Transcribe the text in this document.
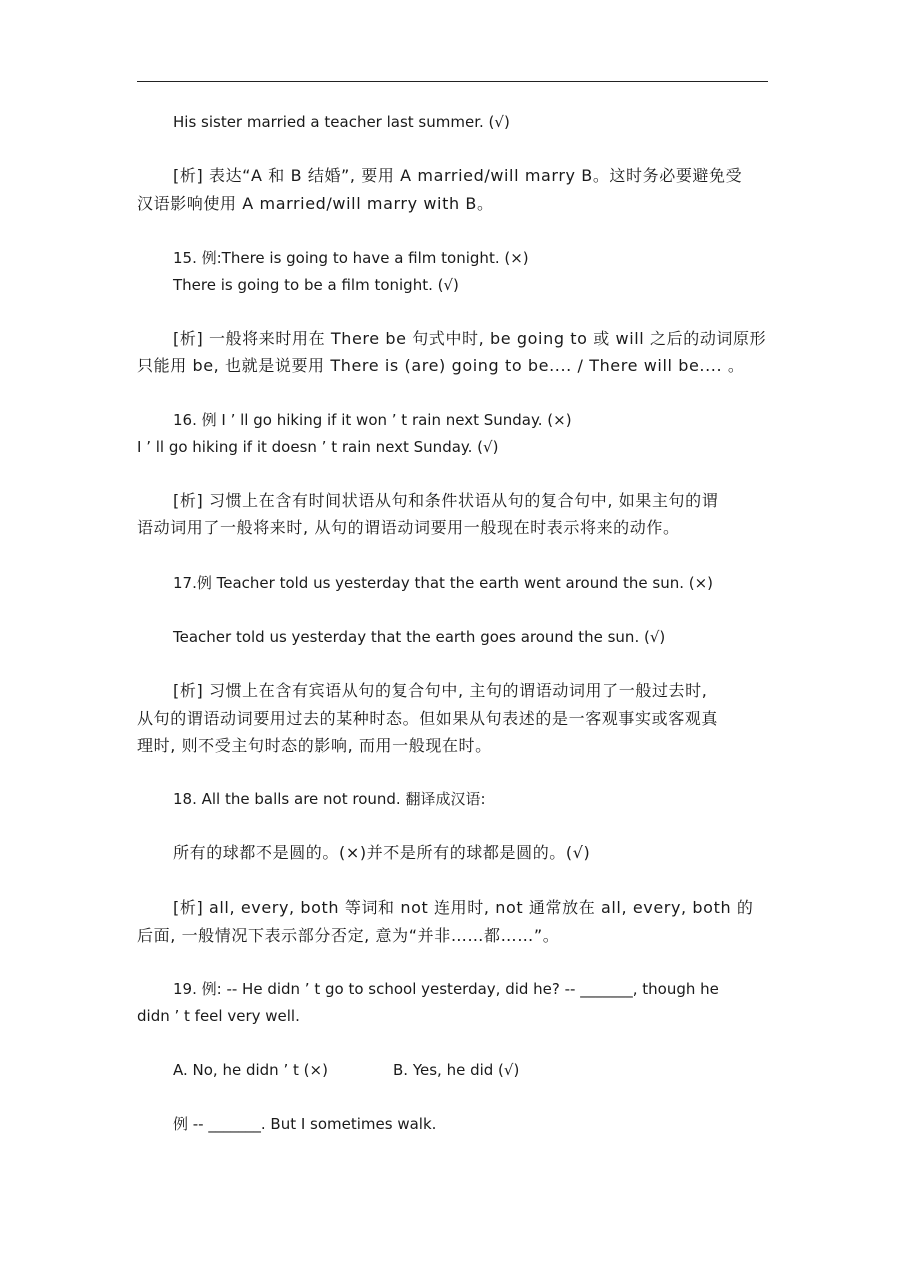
His sister married a teacher last summer. (√)
[析] 表达“A 和 B 结婚”, 要用 A married/will marry B。这时务必要避免受
汉语影响使用 A married/will marry with B。
15. 例:There is going to have a film tonight. (×)
There is going to be a film tonight. (√)
[析] 一般将来时用在 There be 句式中时, be going to 或 will 之后的动词原形
只能用 be, 也就是说要用 There is (are) going to be.... / There will be.... 。
16. 例 I ’ ll go hiking if it won ’ t rain next Sunday. (×)
I ’ ll go hiking if it doesn ’ t rain next Sunday. (√)
[析] 习惯上在含有时间状语从句和条件状语从句的复合句中, 如果主句的谓
语动词用了一般将来时, 从句的谓语动词要用一般现在时表示将来的动作。
17.例 Teacher told us yesterday that the earth went around the sun. (×)
Teacher told us yesterday that the earth goes around the sun. (√)
[析] 习惯上在含有宾语从句的复合句中, 主句的谓语动词用了一般过去时,
从句的谓语动词要用过去的某种时态。但如果从句表述的是一客观事实或客观真
理时, 则不受主句时态的影响, 而用一般现在时。
18. All the balls are not round. 翻译成汉语:
所有的球都不是圆的。(×)并不是所有的球都是圆的。(√)
[析] all, every, both 等词和 not 连用时, not 通常放在 all, every, both 的
后面, 一般情况下表示部分否定, 意为“并非……都……”。
19. 例: -- He didn ’ t go to school yesterday, did he? -- _______, though he
didn ’ t feel very well.
A. No, he didn ’ t (×)	B. Yes, he did (√)
例 -- _______. But I sometimes walk.
